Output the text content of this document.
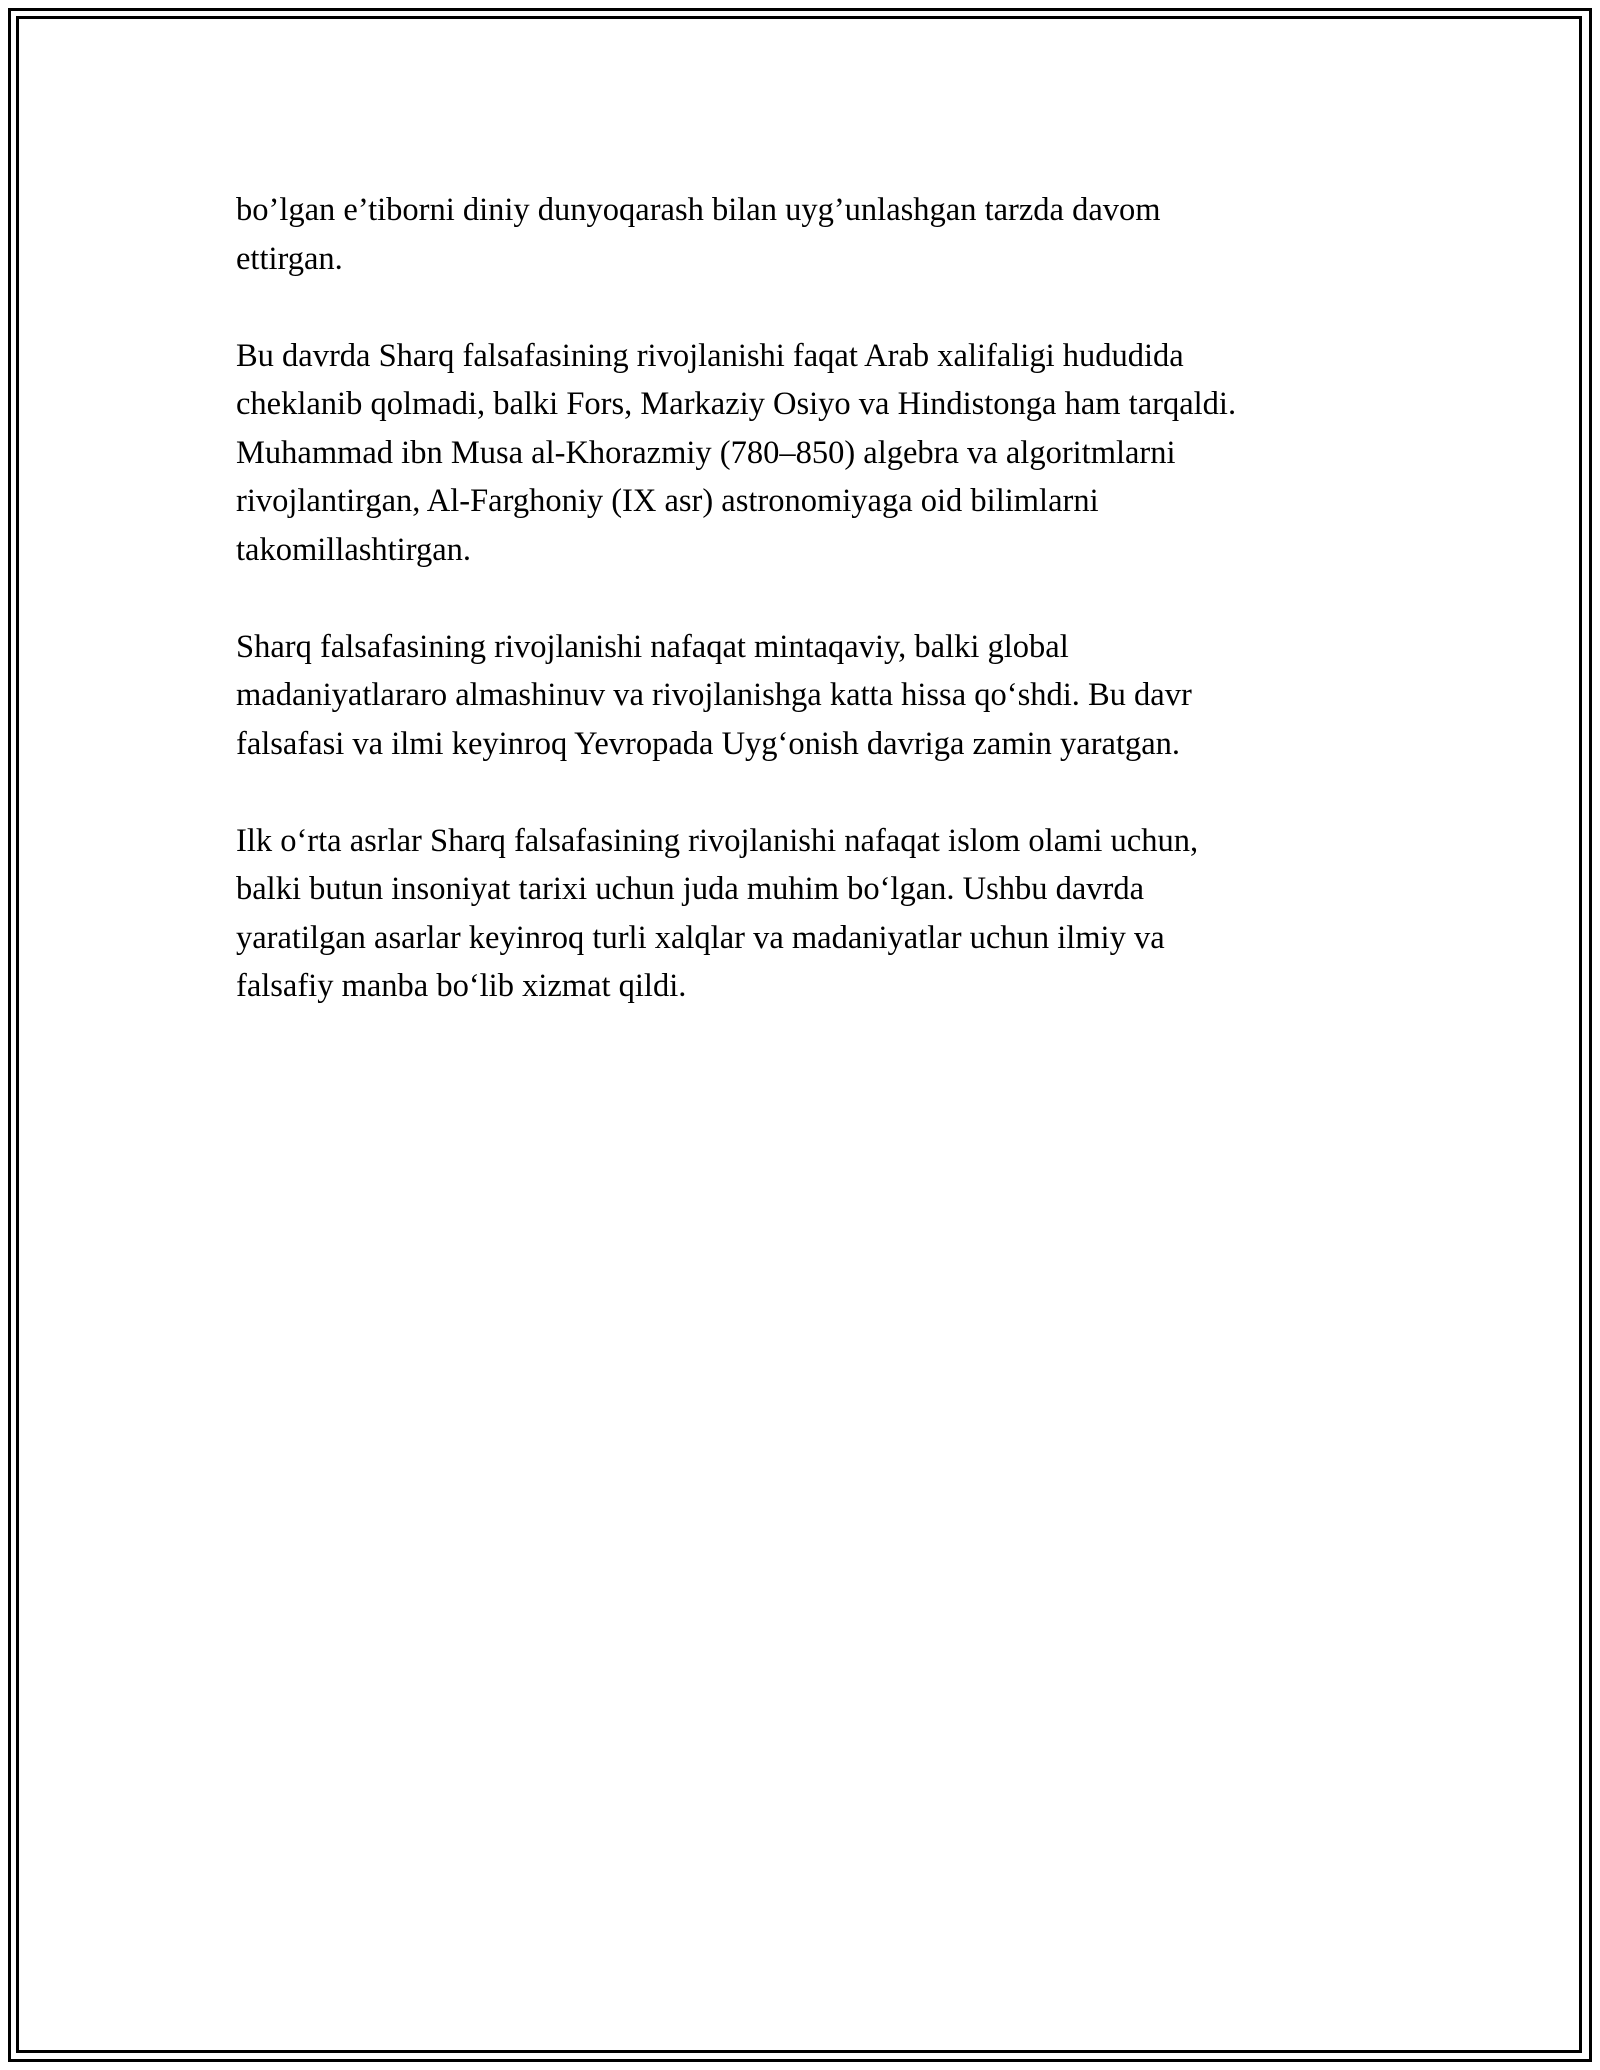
bo’lgan e’tiborni diniy dunyoqarash bilan uyg’unlashgan tarzda davom
ettirgan.

Bu davrda Sharq falsafasining rivojlanishi faqat Arab xalifaligi hududida
cheklanib qolmadi, balki Fors, Markaziy Osiyo va Hindistonga ham tarqaldi.
Muhammad ibn Musa al-Khorazmiy (780–850) algebra va algoritmlarni
rivojlantirgan, Al-Farghoniy (IX asr) astronomiyaga oid bilimlarni
takomillashtirgan.

Sharq falsafasining rivojlanishi nafaqat mintaqaviy, balki global
madaniyatlararo almashinuv va rivojlanishga katta hissa qo‘shdi. Bu davr
falsafasi va ilmi keyinroq Yevropada Uyg‘onish davriga zamin yaratgan.

Ilk o‘rta asrlar Sharq falsafasining rivojlanishi nafaqat islom olami uchun,
balki butun insoniyat tarixi uchun juda muhim bo‘lgan. Ushbu davrda
yaratilgan asarlar keyinroq turli xalqlar va madaniyatlar uchun ilmiy va
falsafiy manba bo‘lib xizmat qildi.
